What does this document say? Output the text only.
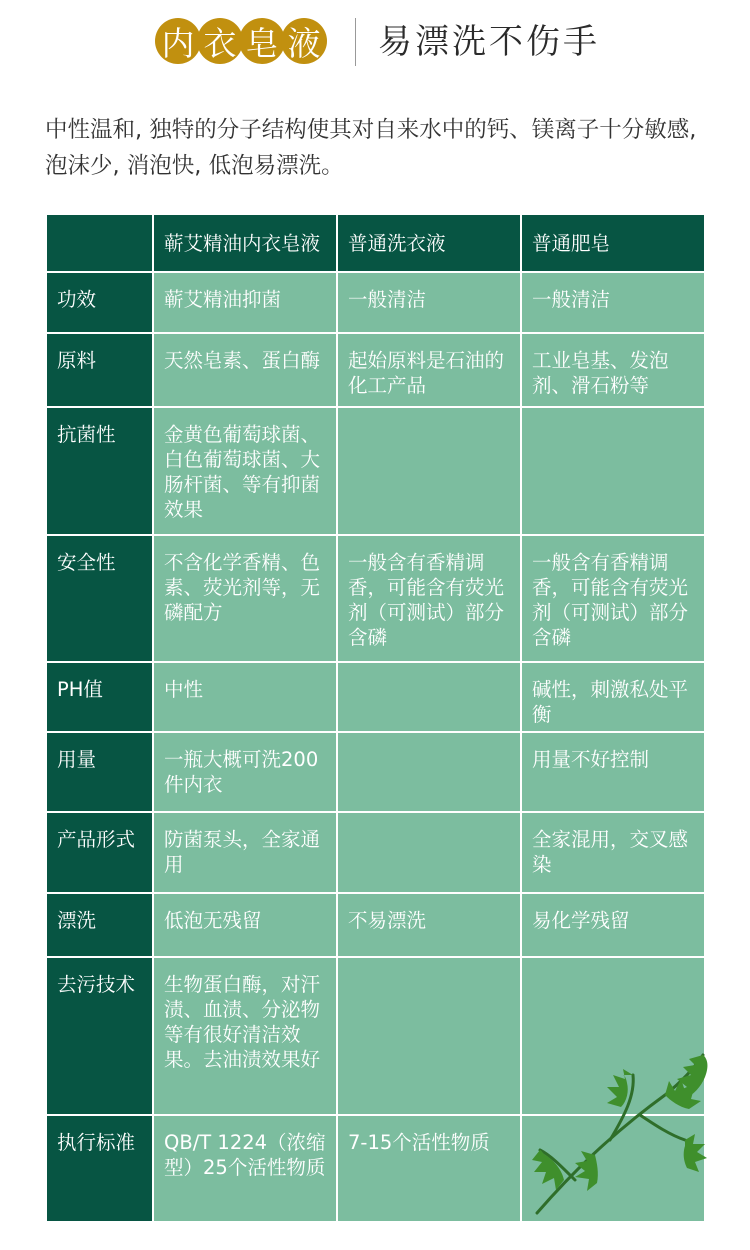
内 衣 皂 液 易漂洗不伤手
中性温和, 独特的分子结构使其对自来水中的钙、镁离子十分敏感, 泡沫少, 消泡快, 低泡易漂洗。
	蕲艾精油内衣皂液	普通洗衣液	普通肥皂
功效	蕲艾精油抑菌	一般清洁	一般清洁
原料	天然皂素、蛋白酶	起始原料是石油的化工产品	工业皂基、发泡剂、滑石粉等
抗菌性	金黄色葡萄球菌、白色葡萄球菌、大肠杆菌、等有抑菌效果		
安全性	不含化学香精、色素、荧光剂等，无磷配方	一般含有香精调香，可能含有荧光剂（可测试）部分含磷	一般含有香精调香，可能含有荧光剂（可测试）部分含磷
PH值	中性		碱性，刺激私处平衡
用量	一瓶大概可洗200件内衣		用量不好控制
产品形式	防菌泵头，全家通用		全家混用，交叉感染
漂洗	低泡无残留	不易漂洗	易化学残留
去污技术	生物蛋白酶，对汗渍、血渍、分泌物等有很好清洁效果。去油渍效果好		
执行标准	QB/T 1224（浓缩型）25个活性物质	7-15个活性物质	
